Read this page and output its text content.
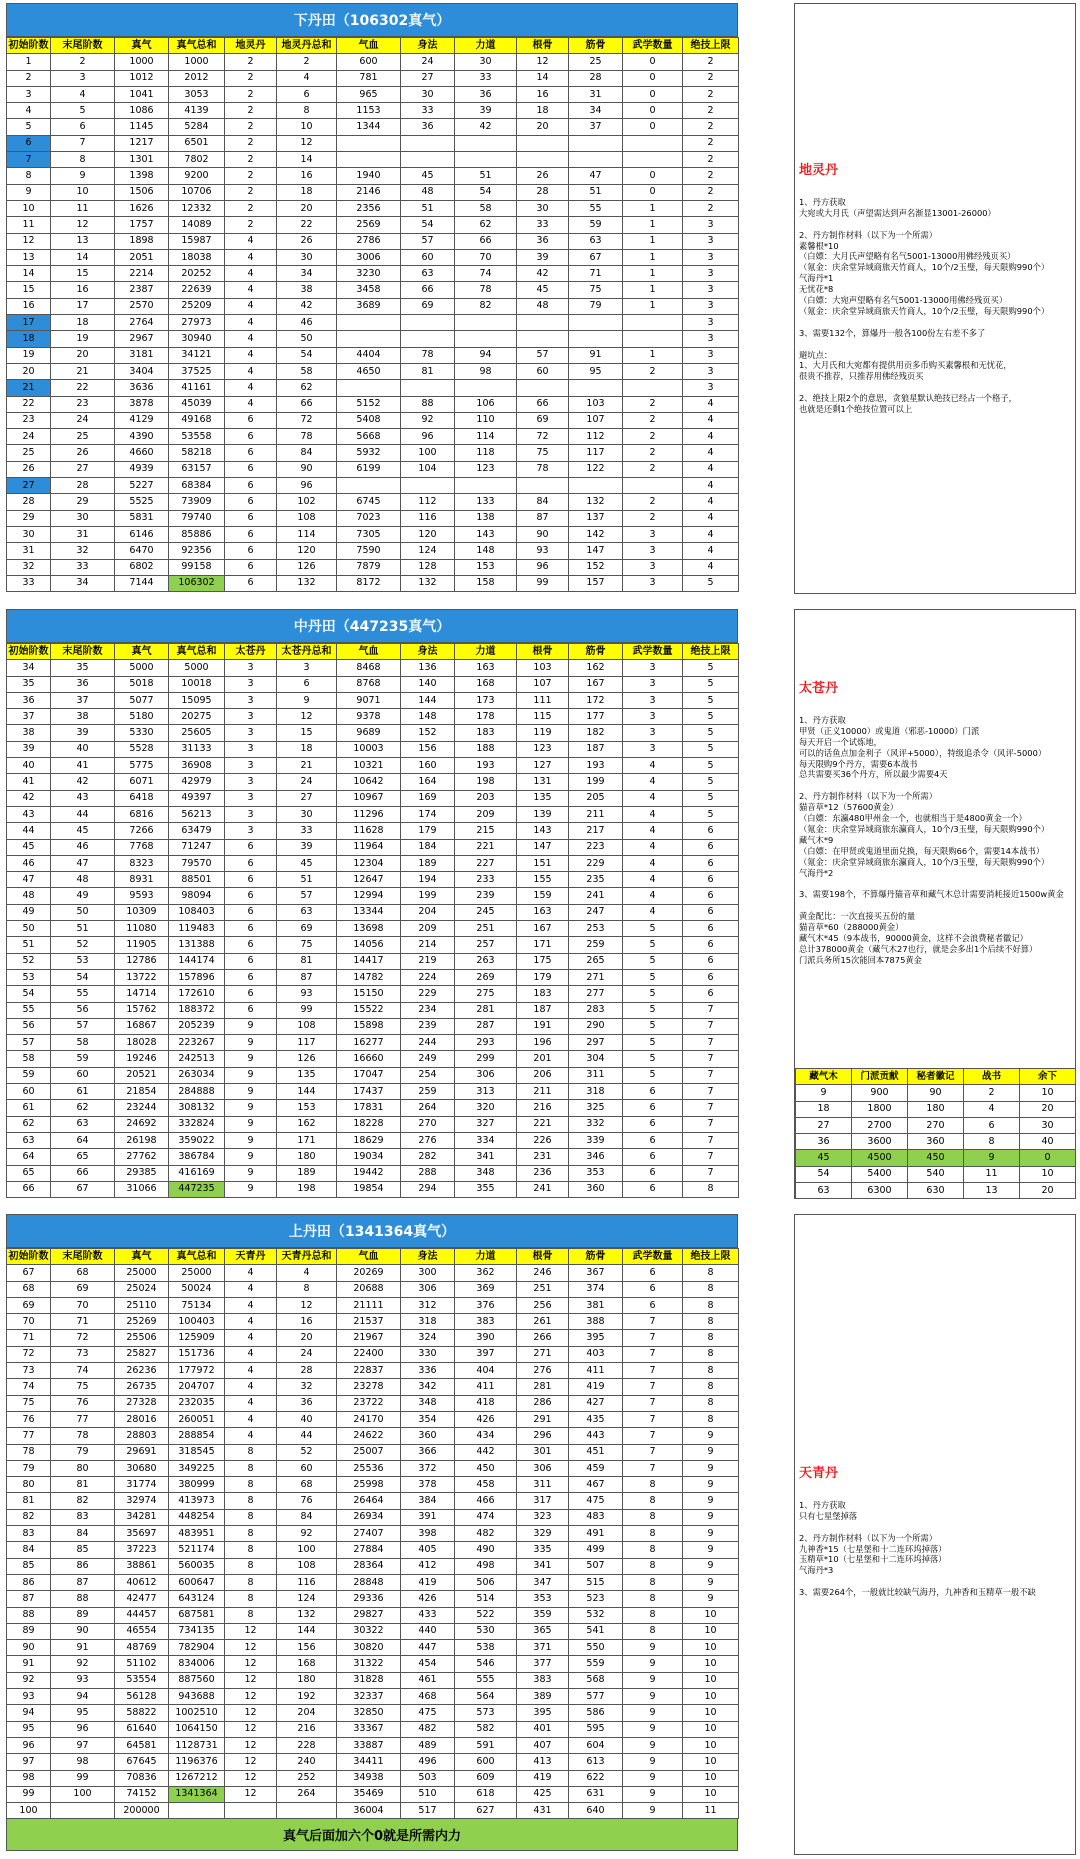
下丹田（106302真气）
初始阶数	末尾阶数	真气	真气总和	地灵丹	地灵丹总和	气血	身法	力道	根骨	筋骨	武学数量	绝技上限
1	2	1000	1000	2	2	600	24	30	12	25	0	2
2	3	1012	2012	2	4	781	27	33	14	28	0	2
3	4	1041	3053	2	6	965	30	36	16	31	0	2
4	5	1086	4139	2	8	1153	33	39	18	34	0	2
5	6	1145	5284	2	10	1344	36	42	20	37	0	2
6	7	1217	6501	2	12							2
7	8	1301	7802	2	14							2
8	9	1398	9200	2	16	1940	45	51	26	47	0	2
9	10	1506	10706	2	18	2146	48	54	28	51	0	2
10	11	1626	12332	2	20	2356	51	58	30	55	1	2
11	12	1757	14089	2	22	2569	54	62	33	59	1	3
12	13	1898	15987	4	26	2786	57	66	36	63	1	3
13	14	2051	18038	4	30	3006	60	70	39	67	1	3
14	15	2214	20252	4	34	3230	63	74	42	71	1	3
15	16	2387	22639	4	38	3458	66	78	45	75	1	3
16	17	2570	25209	4	42	3689	69	82	48	79	1	3
17	18	2764	27973	4	46							3
18	19	2967	30940	4	50							3
19	20	3181	34121	4	54	4404	78	94	57	91	1	3
20	21	3404	37525	4	58	4650	81	98	60	95	2	3
21	22	3636	41161	4	62							3
22	23	3878	45039	4	66	5152	88	106	66	103	2	4
23	24	4129	49168	6	72	5408	92	110	69	107	2	4
24	25	4390	53558	6	78	5668	96	114	72	112	2	4
25	26	4660	58218	6	84	5932	100	118	75	117	2	4
26	27	4939	63157	6	90	6199	104	123	78	122	2	4
27	28	5227	68384	6	96							4
28	29	5525	73909	6	102	6745	112	133	84	132	2	4
29	30	5831	79740	6	108	7023	116	138	87	137	2	4
30	31	6146	85886	6	114	7305	120	143	90	142	3	4
31	32	6470	92356	6	120	7590	124	148	93	147	3	4
32	33	6802	99158	6	126	7879	128	153	96	152	3	4
33	34	7144	106302	6	132	8172	132	158	99	157	3	5
中丹田（447235真气）
初始阶数	末尾阶数	真气	真气总和	太苍丹	太苍丹总和	气血	身法	力道	根骨	筋骨	武学数量	绝技上限
34	35	5000	5000	3	3	8468	136	163	103	162	3	5
35	36	5018	10018	3	6	8768	140	168	107	167	3	5
36	37	5077	15095	3	9	9071	144	173	111	172	3	5
37	38	5180	20275	3	12	9378	148	178	115	177	3	5
38	39	5330	25605	3	15	9689	152	183	119	182	3	5
39	40	5528	31133	3	18	10003	156	188	123	187	3	5
40	41	5775	36908	3	21	10321	160	193	127	193	4	5
41	42	6071	42979	3	24	10642	164	198	131	199	4	5
42	43	6418	49397	3	27	10967	169	203	135	205	4	5
43	44	6816	56213	3	30	11296	174	209	139	211	4	5
44	45	7266	63479	3	33	11628	179	215	143	217	4	6
45	46	7768	71247	6	39	11964	184	221	147	223	4	6
46	47	8323	79570	6	45	12304	189	227	151	229	4	6
47	48	8931	88501	6	51	12647	194	233	155	235	4	6
48	49	9593	98094	6	57	12994	199	239	159	241	4	6
49	50	10309	108403	6	63	13344	204	245	163	247	4	6
50	51	11080	119483	6	69	13698	209	251	167	253	5	6
51	52	11905	131388	6	75	14056	214	257	171	259	5	6
52	53	12786	144174	6	81	14417	219	263	175	265	5	6
53	54	13722	157896	6	87	14782	224	269	179	271	5	6
54	55	14714	172610	6	93	15150	229	275	183	277	5	6
55	56	15762	188372	6	99	15522	234	281	187	283	5	7
56	57	16867	205239	9	108	15898	239	287	191	290	5	7
57	58	18028	223267	9	117	16277	244	293	196	297	5	7
58	59	19246	242513	9	126	16660	249	299	201	304	5	7
59	60	20521	263034	9	135	17047	254	306	206	311	5	7
60	61	21854	284888	9	144	17437	259	313	211	318	6	7
61	62	23244	308132	9	153	17831	264	320	216	325	6	7
62	63	24692	332824	9	162	18228	270	327	221	332	6	7
63	64	26198	359022	9	171	18629	276	334	226	339	6	7
64	65	27762	386784	9	180	19034	282	341	231	346	6	7
65	66	29385	416169	9	189	19442	288	348	236	353	6	7
66	67	31066	447235	9	198	19854	294	355	241	360	6	8
上丹田（1341364真气）
初始阶数	末尾阶数	真气	真气总和	天青丹	天青丹总和	气血	身法	力道	根骨	筋骨	武学数量	绝技上限
67	68	25000	25000	4	4	20269	300	362	246	367	6	8
68	69	25024	50024	4	8	20688	306	369	251	374	6	8
69	70	25110	75134	4	12	21111	312	376	256	381	6	8
70	71	25269	100403	4	16	21537	318	383	261	388	7	8
71	72	25506	125909	4	20	21967	324	390	266	395	7	8
72	73	25827	151736	4	24	22400	330	397	271	403	7	8
73	74	26236	177972	4	28	22837	336	404	276	411	7	8
74	75	26735	204707	4	32	23278	342	411	281	419	7	8
75	76	27328	232035	4	36	23722	348	418	286	427	7	8
76	77	28016	260051	4	40	24170	354	426	291	435	7	8
77	78	28803	288854	4	44	24622	360	434	296	443	7	9
78	79	29691	318545	8	52	25007	366	442	301	451	7	9
79	80	30680	349225	8	60	25536	372	450	306	459	7	9
80	81	31774	380999	8	68	25998	378	458	311	467	8	9
81	82	32974	413973	8	76	26464	384	466	317	475	8	9
82	83	34281	448254	8	84	26934	391	474	323	483	8	9
83	84	35697	483951	8	92	27407	398	482	329	491	8	9
84	85	37223	521174	8	100	27884	405	490	335	499	8	9
85	86	38861	560035	8	108	28364	412	498	341	507	8	9
86	87	40612	600647	8	116	28848	419	506	347	515	8	9
87	88	42477	643124	8	124	29336	426	514	353	523	8	9
88	89	44457	687581	8	132	29827	433	522	359	532	8	10
89	90	46554	734135	12	144	30322	440	530	365	541	8	10
90	91	48769	782904	12	156	30820	447	538	371	550	9	10
91	92	51102	834006	12	168	31322	454	546	377	559	9	10
92	93	53554	887560	12	180	31828	461	555	383	568	9	10
93	94	56128	943688	12	192	32337	468	564	389	577	9	10
94	95	58822	1002510	12	204	32850	475	573	395	586	9	10
95	96	61640	1064150	12	216	33367	482	582	401	595	9	10
96	97	64581	1128731	12	228	33887	489	591	407	604	9	10
97	98	67645	1196376	12	240	34411	496	600	413	613	9	10
98	99	70836	1267212	12	252	34938	503	609	419	622	9	10
99	100	74152	1341364	12	264	35469	510	618	425	631	9	10
100		200000				36004	517	627	431	640	9	11
真气后面加六个0就是所需内力
地灵丹
1、丹方获取
大宛或大月氏（声望需达到声名渐显13001-26000）
2、丹方制作材料（以下为一个所需）
素馨根*10
（白嫖：大月氏声望略有名气5001-13000用佛经残页买）
（氪金：庆余堂异域商旅天竹商人，10个/2玉璧，每天限购990个）
气海丹*1
无忧花*8
（白嫖：大宛声望略有名气5001-13000用佛经残页买）
（氪金：庆余堂异域商旅天竹商人，10个/2玉璧，每天限购990个）
3、需要132个，算爆丹一般各100份左右差不多了
避坑点：
1、大月氏和大宛都有提供用贡多币购买素馨根和无忧花，
很贵不推荐，只推荐用佛经残页买
2、绝技上限2个的意思，贪狼星默认绝技已经占一个格子，
也就是还剩1个绝技位置可以上
太苍丹
1、丹方获取
甲贤（正义10000）或鬼道（邪恶-10000）门派
每天开启一个试炼地，
可以的话鱼点加金利子（风评+5000），特级追杀令（风评-5000）
每天限购9个丹方，需要6本战书
总共需要买36个丹方，所以最少需要4天
2、丹方制作材料（以下为一个所需）
猫音草*12（57600黄金）
（白嫖：东瀛480甲州金一个，也就相当于是4800黄金一个）
（氪金：庆余堂异域商旅东瀛商人，10个/3玉璧，每天限购990个）
藏气木*9
（白嫖：在甲贤或鬼道里面兑换，每天限购66个，需要14本战书）
（氪金：庆余堂异域商旅东瀛商人，10个/3玉璧，每天限购990个）
气海丹*2
3、需要198个，不算爆丹猫音草和藏气木总计需要消耗接近1500w黄金
黄金配比：一次直接买五份的量
猫音草*60（288000黄金）
藏气木*45（9本战书，90000黄金，这样不会浪费秘者徽记）
总计378000黄金（藏气木27也行，就是会多出1个后续不好算）
门派兵务所15次能回本7875黄金
藏气木	门派贡献	秘者徽记	战书	余下
9	900	90	2	10
18	1800	180	4	20
27	2700	270	6	30
36	3600	360	8	40
45	4500	450	9	0
54	5400	540	11	10
63	6300	630	13	20
天青丹
1、丹方获取
只有七星堡掉落
2、丹方制作材料（以下为一个所需）
九神香*15（七星堡和十二连环坞掉落）
玉精草*10（七星堡和十二连环坞掉落）
气海丹*3
3、需要264个，一般就比较缺气海丹，九神香和玉精草一般不缺
